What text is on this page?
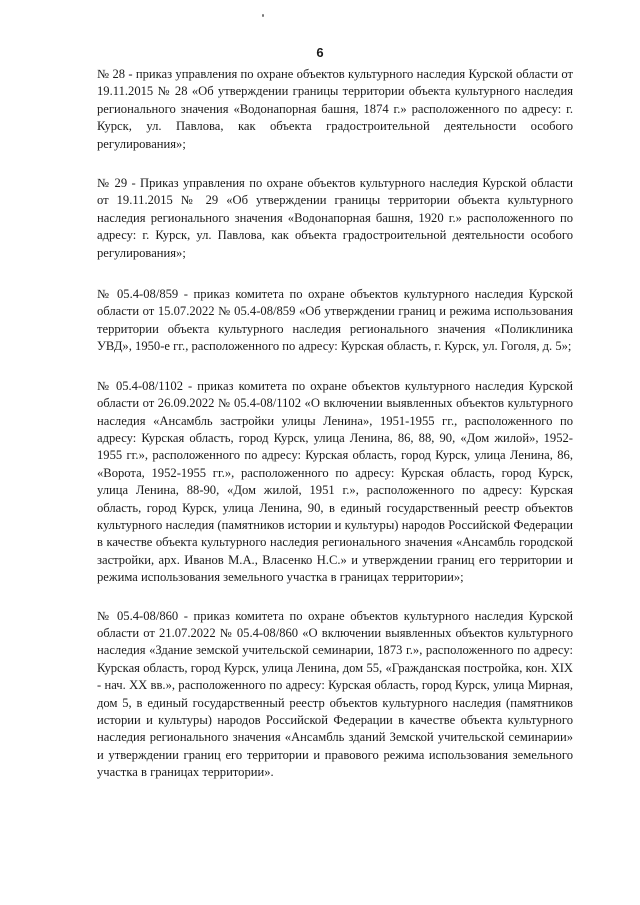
6

№ 28 - приказ управления по охране объектов культурного наследия Курской области от 19.11.2015 № 28 «Об утверждении границы территории объекта культурного наследия регионального значения «Водонапорная башня, 1874 г.» расположенного по адресу: г. Курск, ул. Павлова, как объекта градостроительной деятельности особого регулирования»;

№ 29 - Приказ управления по охране объектов культурного наследия Курской области от 19.11.2015 № 29 «Об утверждении границы территории объекта культурного наследия регионального значения «Водонапорная башня, 1920 г.» расположенного по адресу: г. Курск, ул. Павлова, как объекта градостроительной деятельности особого регулирования»;

№ 05.4-08/859 - приказ комитета по охране объектов культурного наследия Курской области от 15.07.2022 № 05.4-08/859 «Об утверждении границ и режима использования территории объекта культурного наследия регионального значения «Поликлиника УВД», 1950-е гг., расположенного по адресу: Курская область, г. Курск, ул. Гоголя, д. 5»;

№ 05.4-08/1102 - приказ комитета по охране объектов культурного наследия Курской области от 26.09.2022 № 05.4-08/1102 «О включении выявленных объектов культурного наследия «Ансамбль застройки улицы Ленина», 1951-1955 гг., расположенного по адресу: Курская область, город Курск, улица Ленина, 86, 88, 90, «Дом жилой», 1952-1955 гг.», расположенного по адресу: Курская область, город Курск, улица Ленина, 86, «Ворота, 1952-1955 гг.», расположенного по адресу: Курская область, город Курск, улица Ленина, 88-90, «Дом жилой, 1951 г.», расположенного по адресу: Курская область, город Курск, улица Ленина, 90, в единый государственный реестр объектов культурного наследия (памятников истории и культуры) народов Российской Федерации в качестве объекта культурного наследия регионального значения «Ансамбль городской застройки, арх. Иванов М.А., Власенко Н.С.» и утверждении границ его территории и режима использования земельного участка в границах территории»;

№ 05.4-08/860 - приказ комитета по охране объектов культурного наследия Курской области от 21.07.2022 № 05.4-08/860 «О включении выявленных объектов культурного наследия «Здание земской учительской семинарии, 1873 г.», расположенного по адресу: Курская область, город Курск, улица Ленина, дом 55, «Гражданская постройка, кон. XIX - нач. XX вв.», расположенного по адресу: Курская область, город Курск, улица Мирная, дом 5, в единый государственный реестр объектов культурного наследия (памятников истории и культуры) народов Российской Федерации в качестве объекта культурного наследия регионального значения «Ансамбль зданий Земской учительской семинарии» и утверждении границ его территории и правового режима использования земельного участка в границах территории».
